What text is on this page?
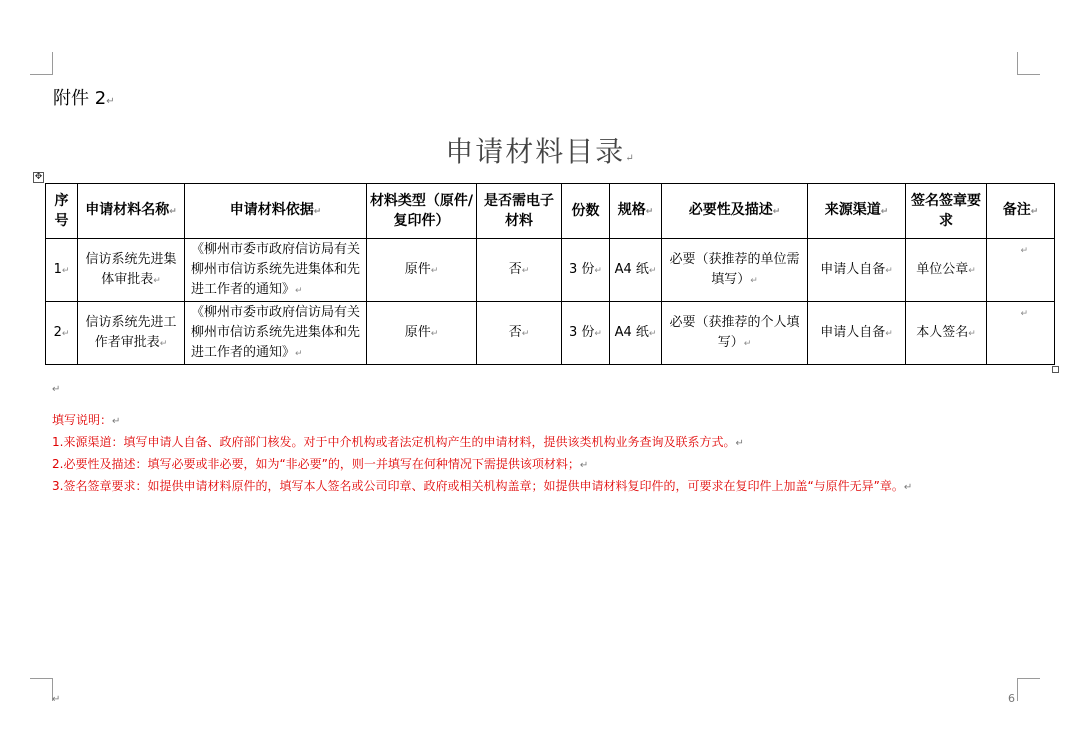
附件 2↵
申请材料目录↵
✥
序号	申请材料名称↵	申请材料依据↵	材料类型（原件/复印件）	是否需电子材料	份数	规格↵	必要性及描述↵	来源渠道↵	签名签章要求	备注↵
1↵	信访系统先进集体审批表↵	《柳州市委市政府信访局有关柳州市信访系统先进集体和先进工作者的通知》↵	原件↵	否↵	3 份↵	A4 纸↵	必要（获推荐的单位需填写）↵	申请人自备↵	单位公章↵	↵

2↵	信访系统先进工作者审批表↵	《柳州市委市政府信访局有关柳州市信访系统先进集体和先进工作者的通知》↵	原件↵	否↵	3 份↵	A4 纸↵	必要（获推荐的个人填写）↵	申请人自备↵	本人签名↵	↵
↵
填写说明：↵
1.来源渠道：填写申请人自备、政府部门核发。对于中介机构或者法定机构产生的申请材料，提供该类机构业务查询及联系方式。↵
2.必要性及描述：填写必要或非必要，如为“非必要”的，则一并填写在何种情况下需提供该项材料；↵
3.签名签章要求：如提供申请材料原件的，填写本人签名或公司印章、政府或相关机构盖章；如提供申请材料复印件的，可要求在复印件上加盖“与原件无异”章。↵
↵	6
